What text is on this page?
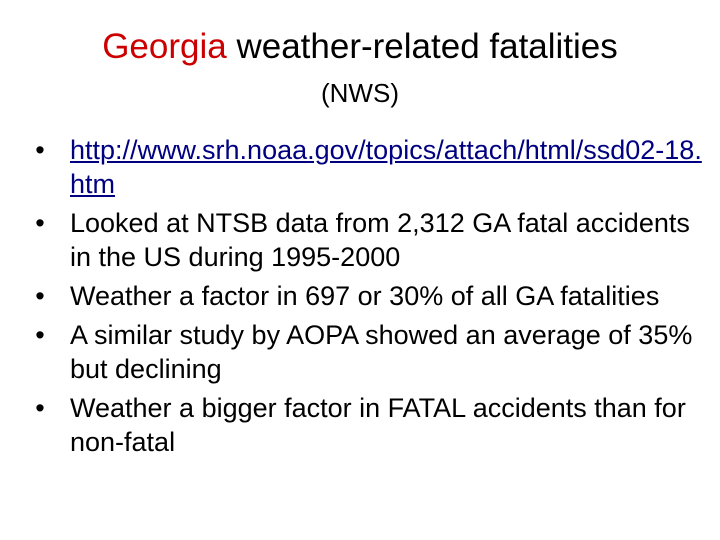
Georgia weather-related fatalities
(NWS)
• http://www.srh.noaa.gov/topics/attach/html/ssd02-18.htm
• Looked at NTSB data from 2,312 GA fatal accidents in the US during 1995-2000
• Weather a factor in 697 or 30% of all GA fatalities
• A similar study by AOPA showed an average of 35% but declining
• Weather a bigger factor in FATAL accidents than for non-fatal
